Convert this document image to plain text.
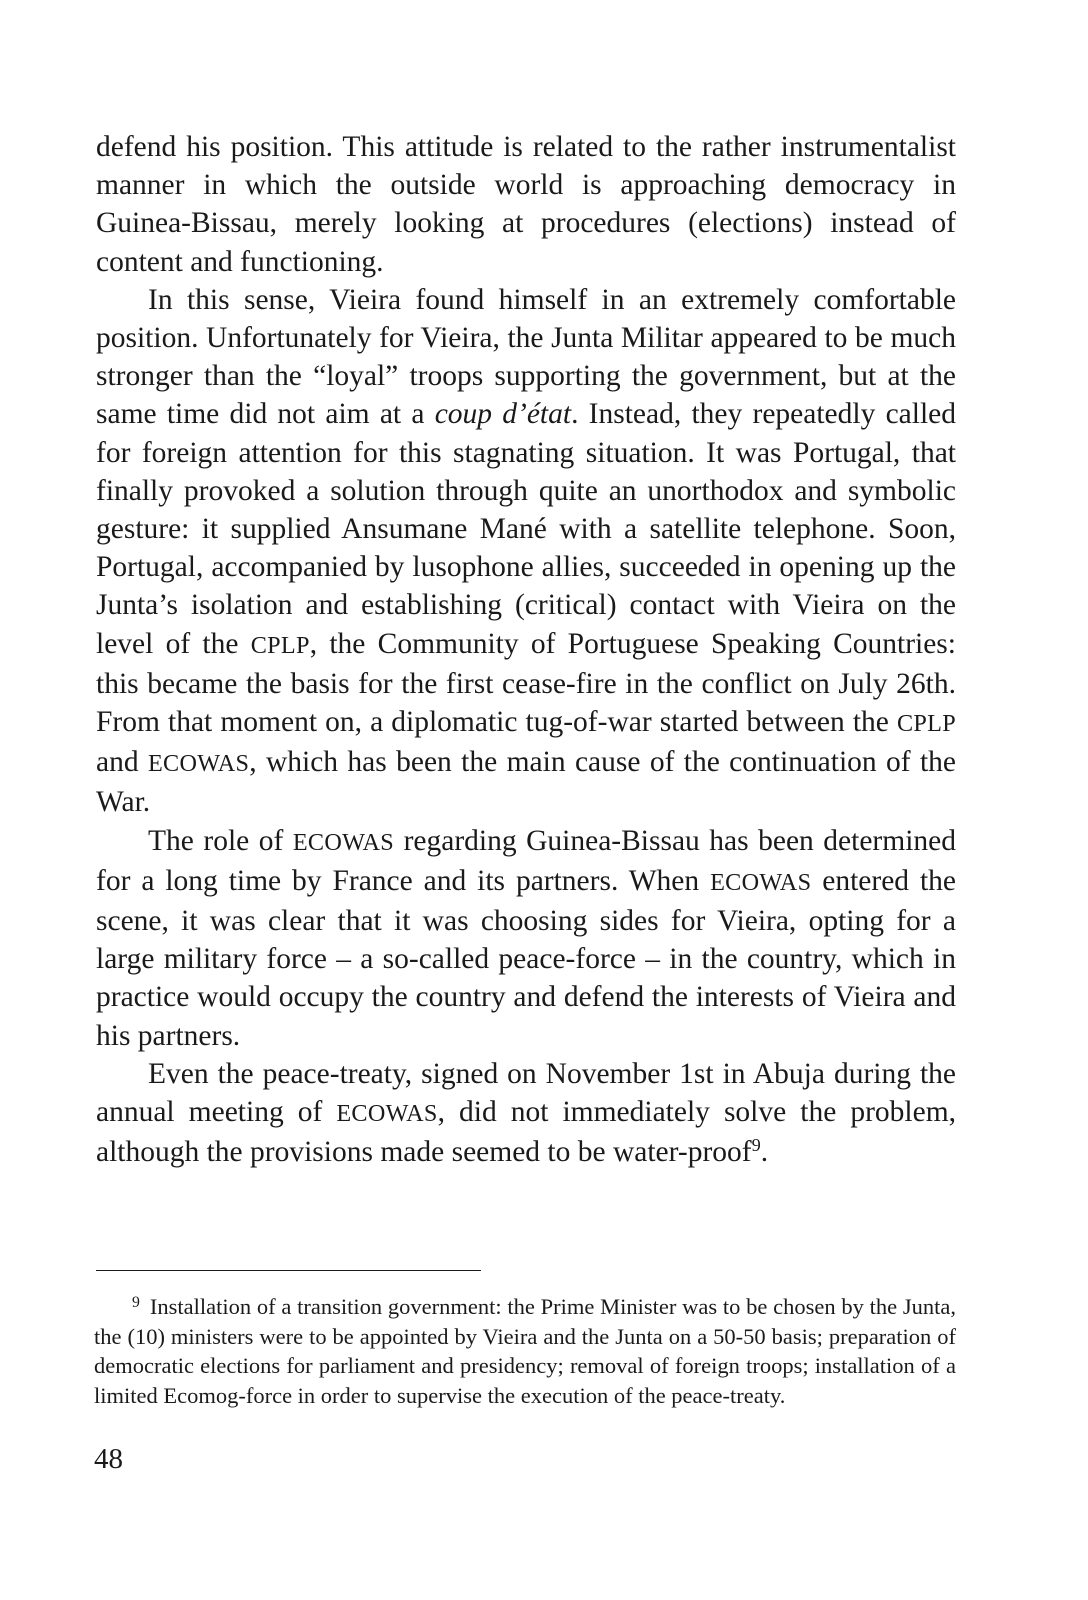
defend his position. This attitude is related to the rather instrumentalist manner in which the outside world is approaching democracy in Guinea-Bissau, merely looking at procedures (elections) instead of content and functioning.

In this sense, Vieira found himself in an extremely comfortable position. Unfortunately for Vieira, the Junta Militar appeared to be much stronger than the “loyal” troops supporting the government, but at the same time did not aim at a coup d’état. Instead, they repeatedly called for foreign attention for this stagnating situation. It was Portugal, that finally provoked a solution through quite an unorthodox and symbolic gesture: it supplied Ansumane Mané with a satellite telephone. Soon, Portugal, accompanied by lusophone allies, succeeded in opening up the Junta’s isolation and establishing (critical) contact with Vieira on the level of the CPLP, the Community of Portuguese Speaking Countries: this became the basis for the first cease-fire in the conflict on July 26th. From that moment on, a diplomatic tug-of-war started between the CPLP and ECOWAS, which has been the main cause of the continuation of the War.

The role of ECOWAS regarding Guinea-Bissau has been determined for a long time by France and its partners. When ECOWAS entered the scene, it was clear that it was choosing sides for Vieira, opting for a large military force – a so-called peace-force – in the country, which in practice would occupy the country and defend the interests of Vieira and his partners.

Even the peace-treaty, signed on November 1st in Abuja during the annual meeting of ECOWAS, did not immediately solve the problem, although the provisions made seemed to be water-proof$^9$.

$^9$ Installation of a transition government: the Prime Minister was to be chosen by the Junta, the (10) ministers were to be appointed by Vieira and the Junta on a 50-50 basis; preparation of democratic elections for parliament and presidency; removal of foreign troops; installation of a limited Ecomog-force in order to supervise the execution of the peace-treaty.

48
